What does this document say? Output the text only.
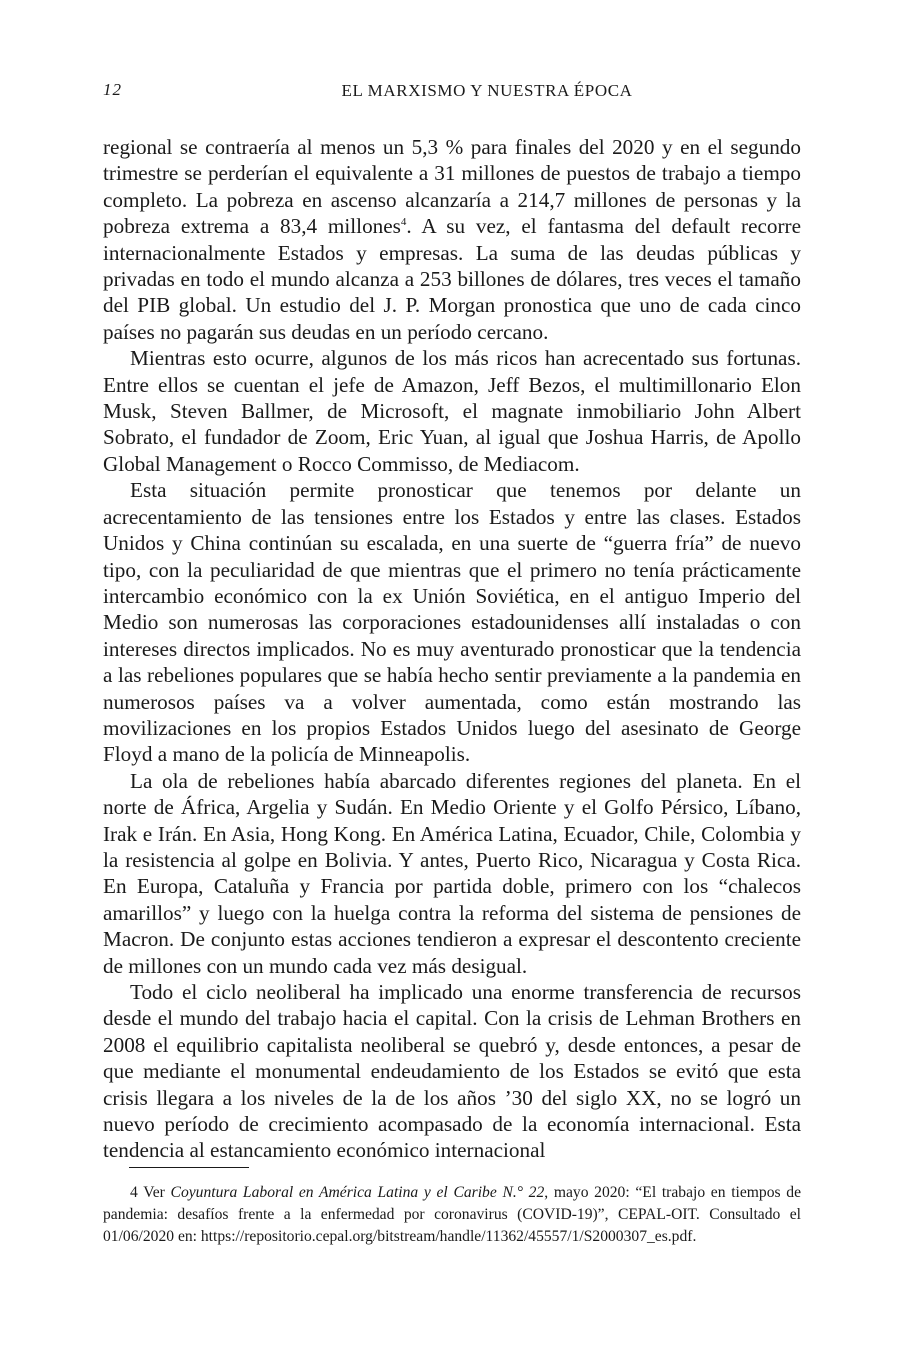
12	EL MARXISMO Y NUESTRA ÉPOCA

regional se contraería al menos un 5,3 % para finales del 2020 y en el segundo trimestre se perderían el equivalente a 31 millones de puestos de trabajo a tiempo completo. La pobreza en ascenso alcanzaría a 214,7 millones de personas y la pobreza extrema a 83,4 millones$^4$. A su vez, el fantasma del default recorre internacionalmente Estados y empresas. La suma de las deudas públicas y privadas en todo el mundo alcanza a 253 billones de dólares, tres veces el tamaño del PIB global. Un estudio del J. P. Morgan pronostica que uno de cada cinco países no pagarán sus deudas en un período cercano.

Mientras esto ocurre, algunos de los más ricos han acrecentado sus fortunas. Entre ellos se cuentan el jefe de Amazon, Jeff Bezos, el multimillonario Elon Musk, Steven Ballmer, de Microsoft, el magnate inmobiliario John Albert Sobrato, el fundador de Zoom, Eric Yuan, al igual que Joshua Harris, de Apollo Global Management o Rocco Commisso, de Mediacom.

Esta situación permite pronosticar que tenemos por delante un acrecentamiento de las tensiones entre los Estados y entre las clases. Estados Unidos y China continúan su escalada, en una suerte de “guerra fría” de nuevo tipo, con la peculiaridad de que mientras que el primero no tenía prácticamente intercambio económico con la ex Unión Soviética, en el antiguo Imperio del Medio son numerosas las corporaciones estadounidenses allí instaladas o con intereses directos implicados. No es muy aventurado pronosticar que la tendencia a las rebeliones populares que se había hecho sentir previamente a la pandemia en numerosos países va a volver aumentada, como están mostrando las movilizaciones en los propios Estados Unidos luego del asesinato de George Floyd a mano de la policía de Minneapolis.

La ola de rebeliones había abarcado diferentes regiones del planeta. En el norte de África, Argelia y Sudán. En Medio Oriente y el Golfo Pérsico, Líbano, Irak e Irán. En Asia, Hong Kong. En América Latina, Ecuador, Chile, Colombia y la resistencia al golpe en Bolivia. Y antes, Puerto Rico, Nicaragua y Costa Rica. En Europa, Cataluña y Francia por partida doble, primero con los “chalecos amarillos” y luego con la huelga contra la reforma del sistema de pensiones de Macron. De conjunto estas acciones tendieron a expresar el descontento creciente de millones con un mundo cada vez más desigual.

Todo el ciclo neoliberal ha implicado una enorme transferencia de recursos desde el mundo del trabajo hacia el capital. Con la crisis de Lehman Brothers en 2008 el equilibrio capitalista neoliberal se quebró y, desde entonces, a pesar de que mediante el monumental endeudamiento de los Estados se evitó que esta crisis llegara a los niveles de la de los años ’30 del siglo XX, no se logró un nuevo período de crecimiento acompasado de la economía internacional. Esta tendencia al estancamiento económico internacional

4 Ver Coyuntura Laboral en América Latina y el Caribe N.° 22, mayo 2020: “El trabajo en tiempos de pandemia: desafíos frente a la enfermedad por coronavirus (COVID-19)”, CEPAL-OIT. Consultado el 01/06/2020 en: https://repositorio.cepal.org/bitstream/handle/11362/45557/1/S2000307_es.pdf.
